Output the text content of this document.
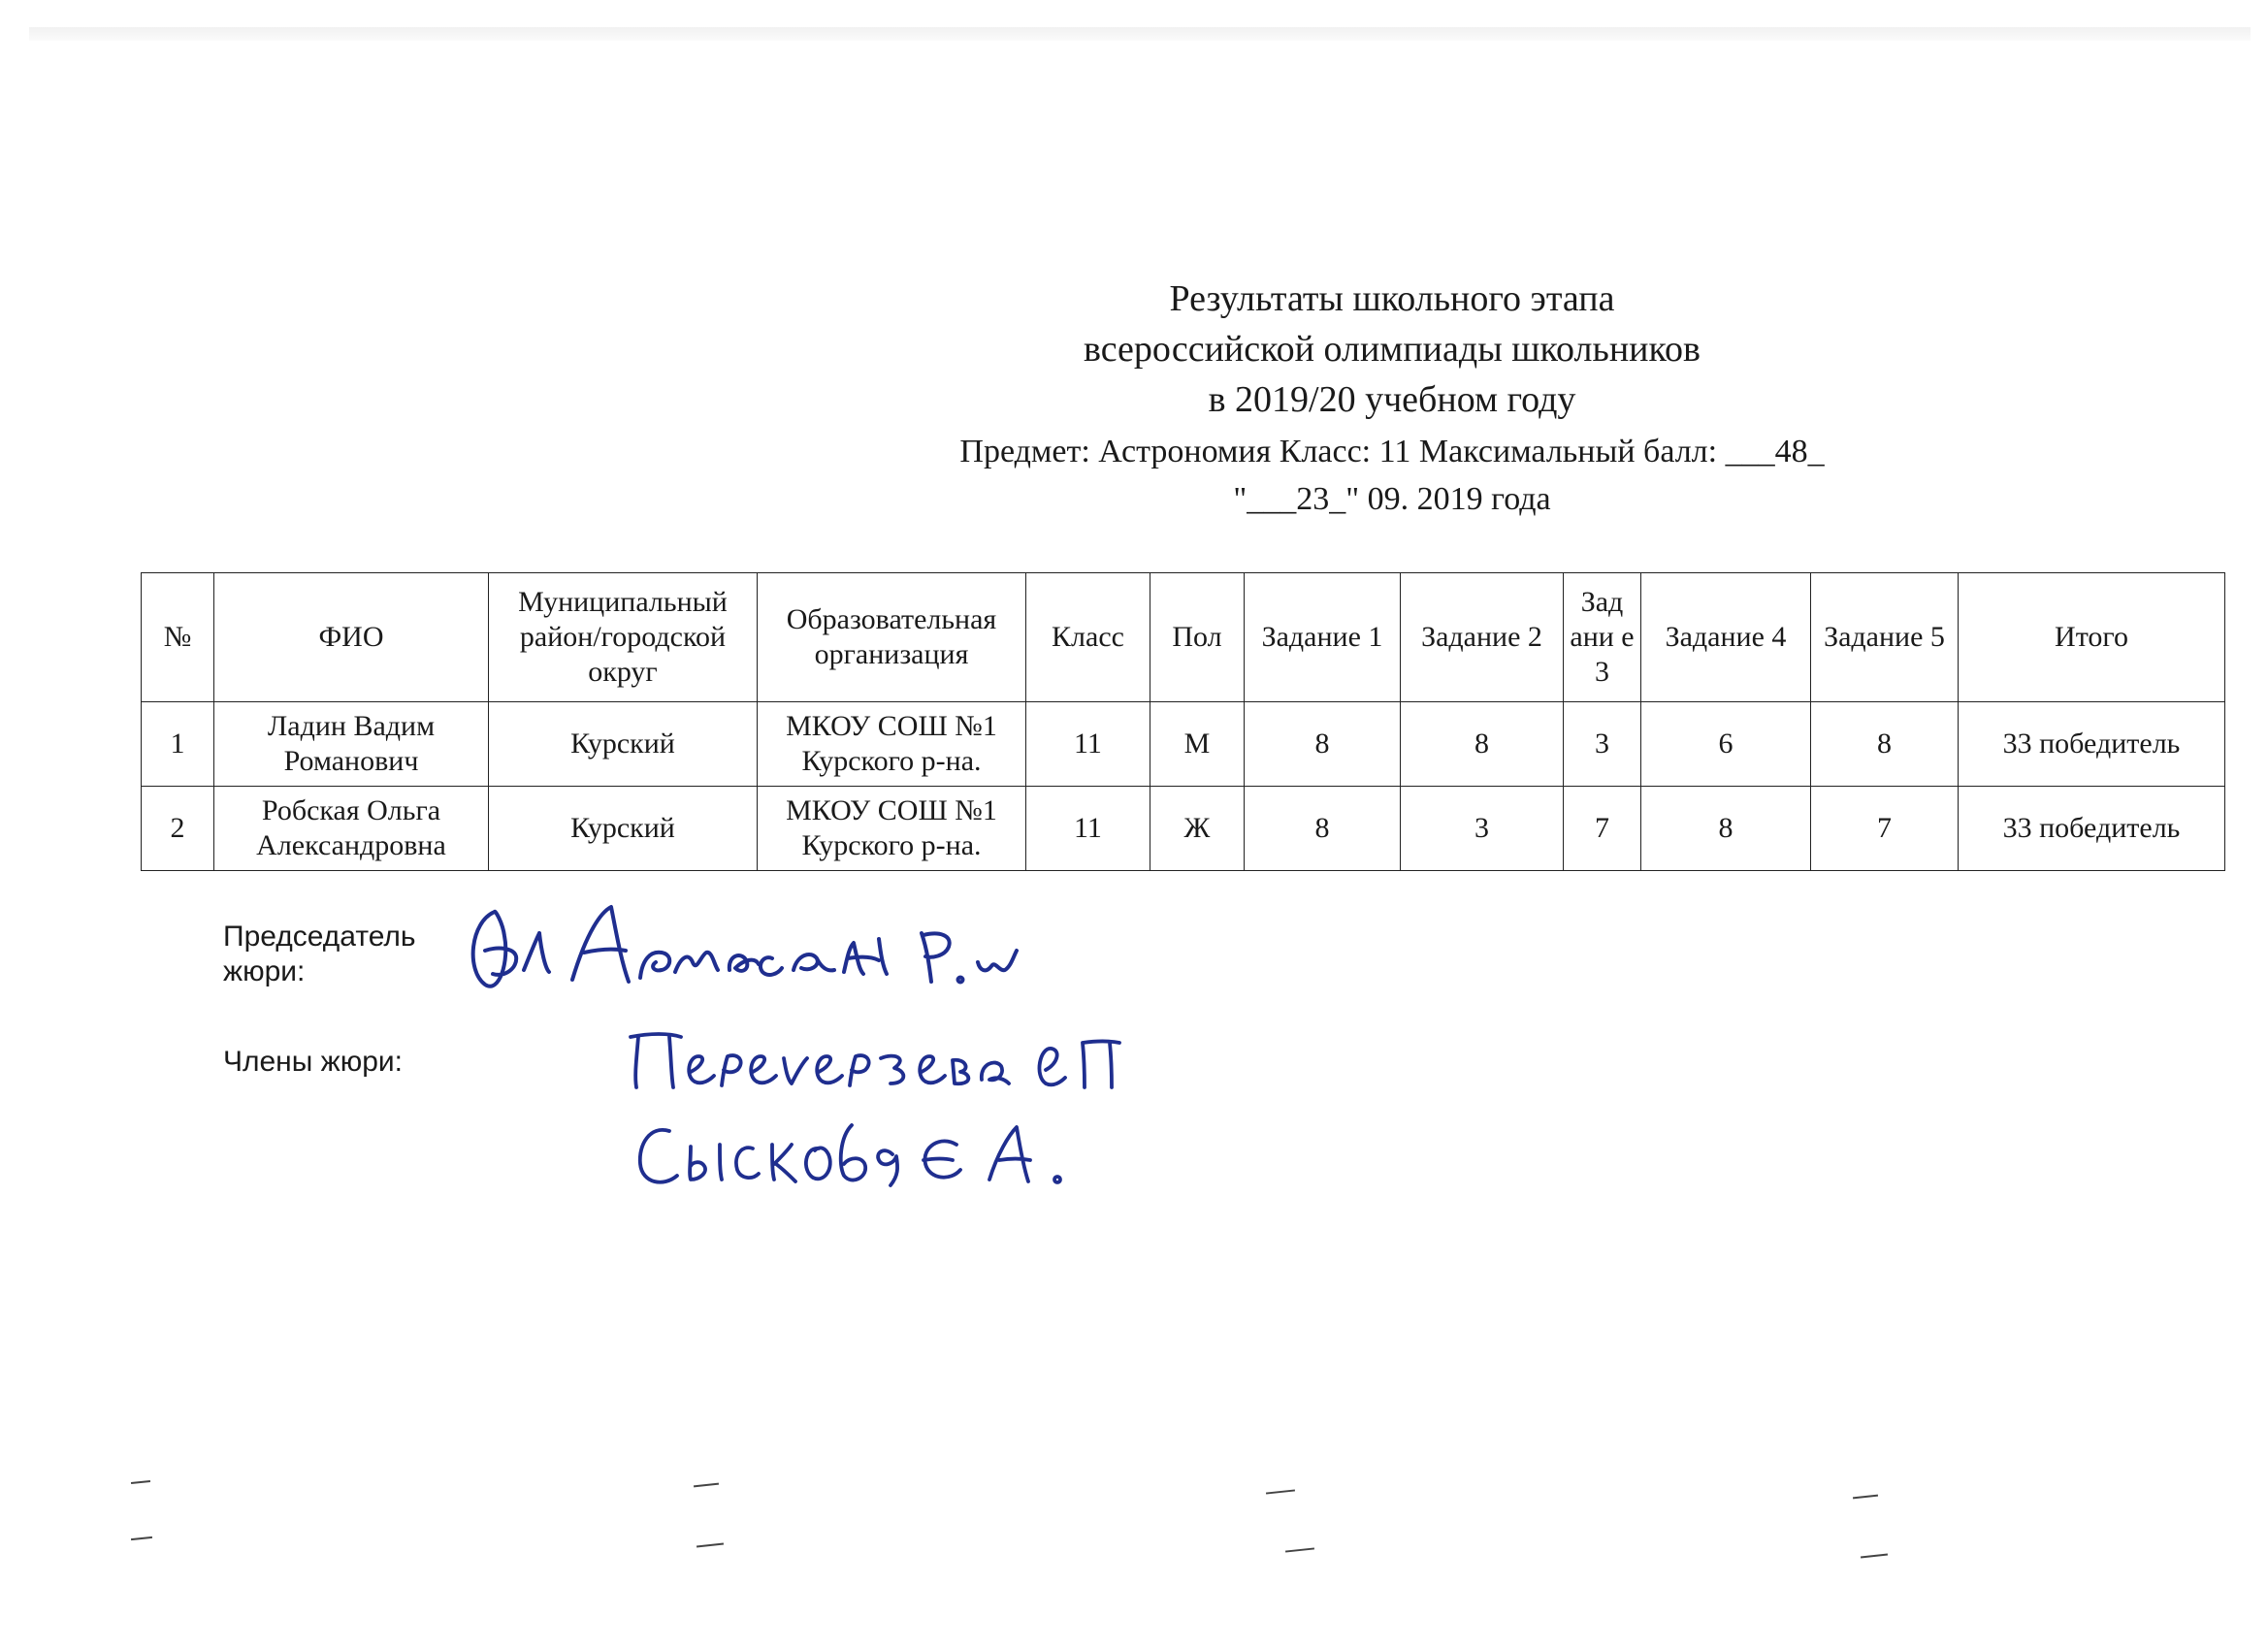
Результаты школьного этапа
всероссийской олимпиады школьников
в 2019/20 учебном году
Предмет: Астрономия Класс: 11 Максимальный балл: ___48_
"___23_" 09. 2019 года
№	ФИО	Муниципальный район/городской округ	Образовательная организация	Класс	Пол	Задание 1	Задание 2	Зад ани е 3	Задание 4	Задание 5	Итого
1	Ладин Вадим Романович	Курский	МКОУ СОШ №1 Курского р-на.	11	М	8	8	3	6	8	33 победитель
2	Робская Ольга Александровна	Курский	МКОУ СОШ №1 Курского р-на.	11	Ж	8	3	7	8	7	33 победитель
Председатель жюри:
Члены жюри:
